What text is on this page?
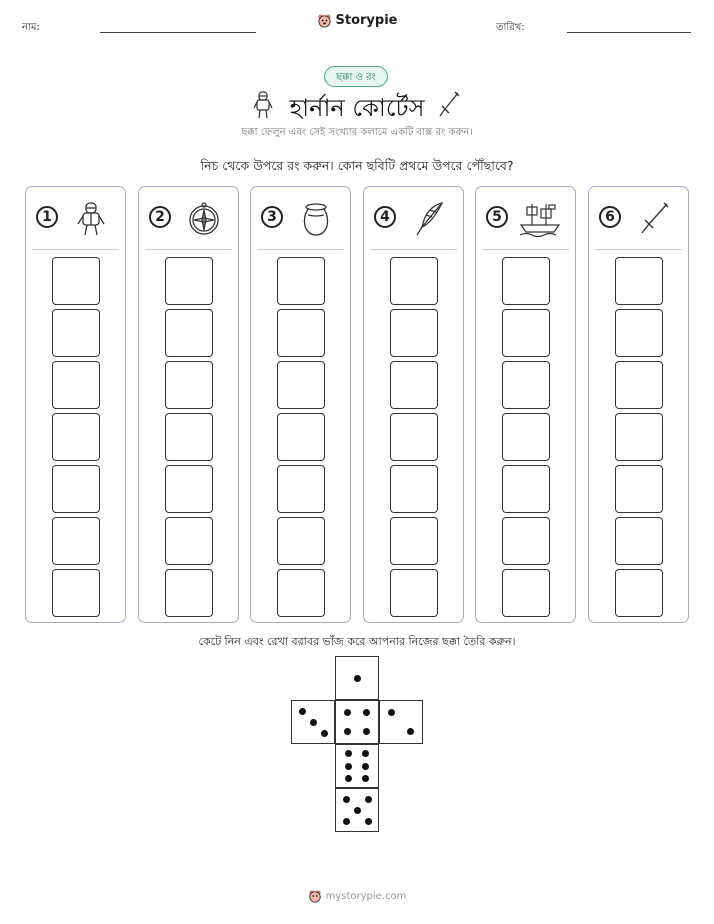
নাম:	Storypie	তারিখ:
ছক্কা ও রং
হার্নান কোর্টেস
ছক্কা ফেলুন এবং সেই সংখ্যার কলামে একটি বাক্স রং করুন।
নিচ থেকে উপরে রং করুন। কোন ছবিটি প্রথমে উপরে পৌঁছাবে?
1	2	3	4	5	6
কেটে নিন এবং রেখা বরাবর ভাঁজ করে আপনার নিজের ছক্কা তৈরি করুন।
mystorypie.com
